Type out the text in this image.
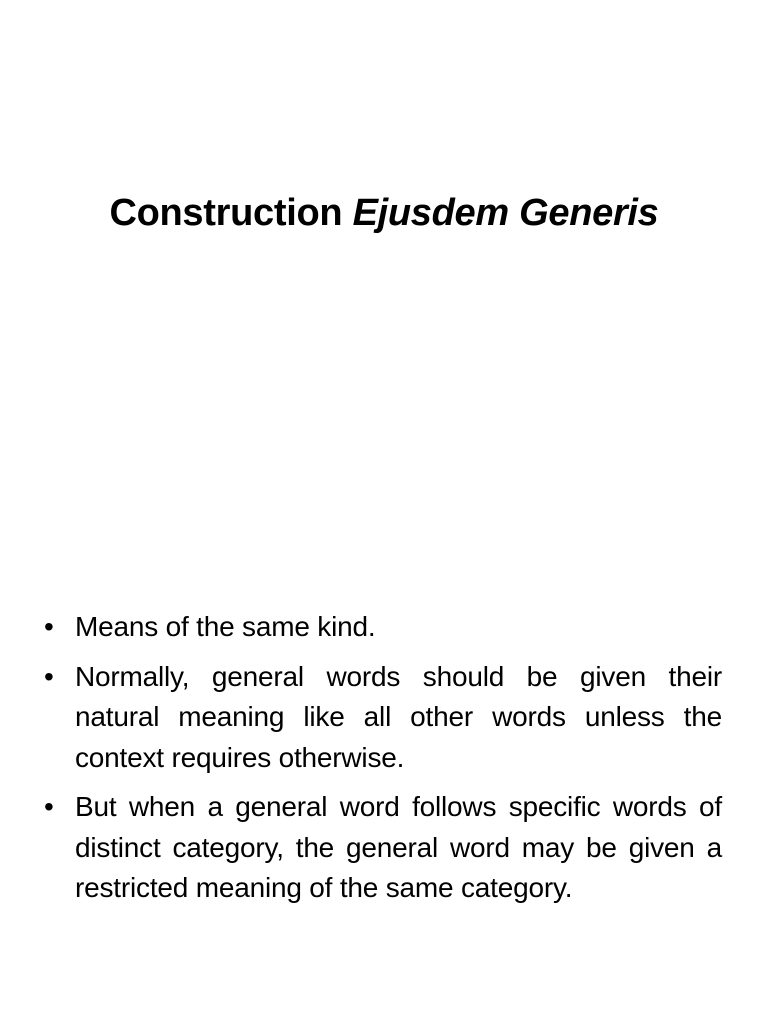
Construction Ejusdem Generis
• Means of the same kind.
• Normally, general words should be given their natural meaning like all other words unless the context requires otherwise.
• But when a general word follows specific words of distinct category, the general word may be given a restricted meaning of the same category.
